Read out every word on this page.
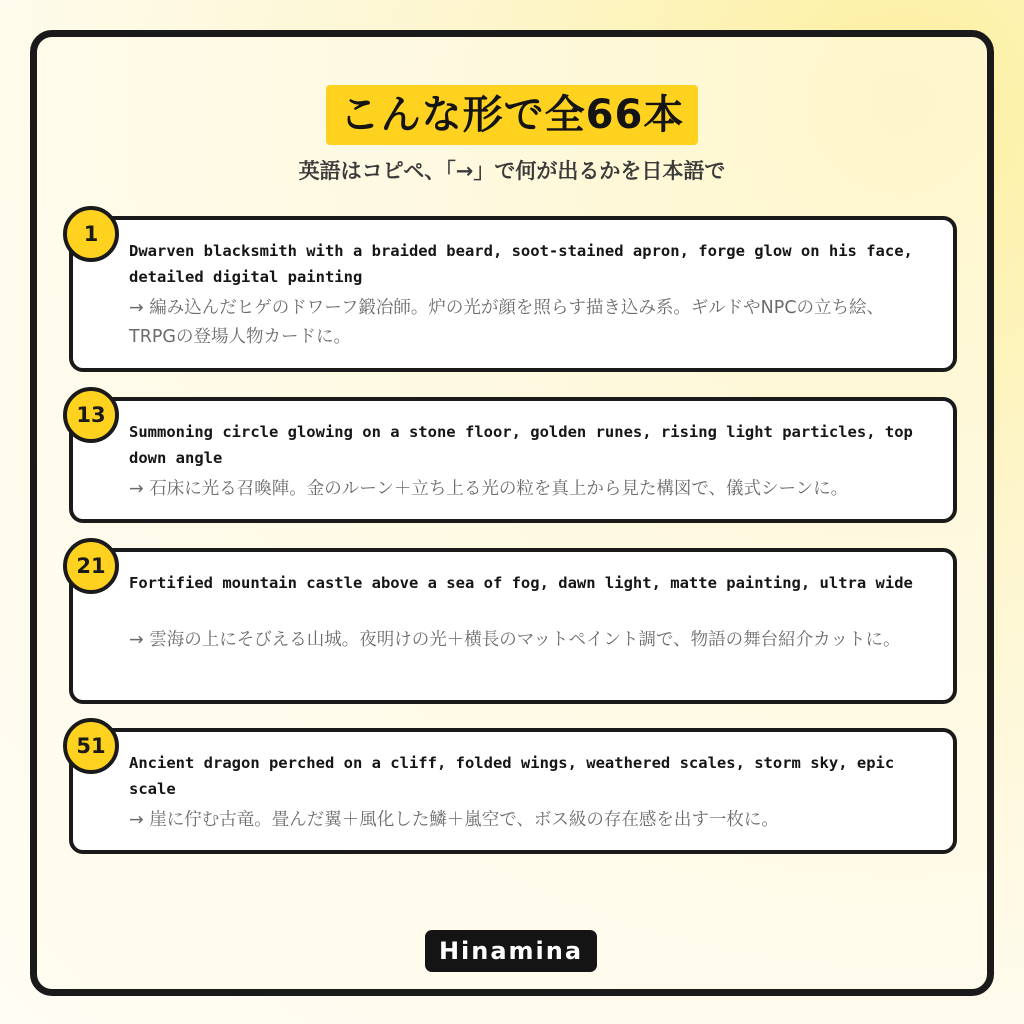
こんな形で全66本
英語はコピペ、「→」で何が出るかを日本語で
1
Dwarven blacksmith with a braided beard, soot-stained apron, forge glow on his face, detailed digital painting
→ 編み込んだヒゲのドワーフ鍛冶師。炉の光が顔を照らす描き込み系。ギルドやNPCの立ち絵、TRPGの登場人物カードに。
13
Summoning circle glowing on a stone floor, golden runes, rising light particles, top down angle
→ 石床に光る召喚陣。金のルーン＋立ち上る光の粒を真上から見た構図で、儀式シーンに。
21
Fortified mountain castle above a sea of fog, dawn light, matte painting, ultra wide
→ 雲海の上にそびえる山城。夜明けの光＋横長のマットペイント調で、物語の舞台紹介カットに。
51
Ancient dragon perched on a cliff, folded wings, weathered scales, storm sky, epic scale
→ 崖に佇む古竜。畳んだ翼＋風化した鱗＋嵐空で、ボス級の存在感を出す一枚に。
Hinamina
